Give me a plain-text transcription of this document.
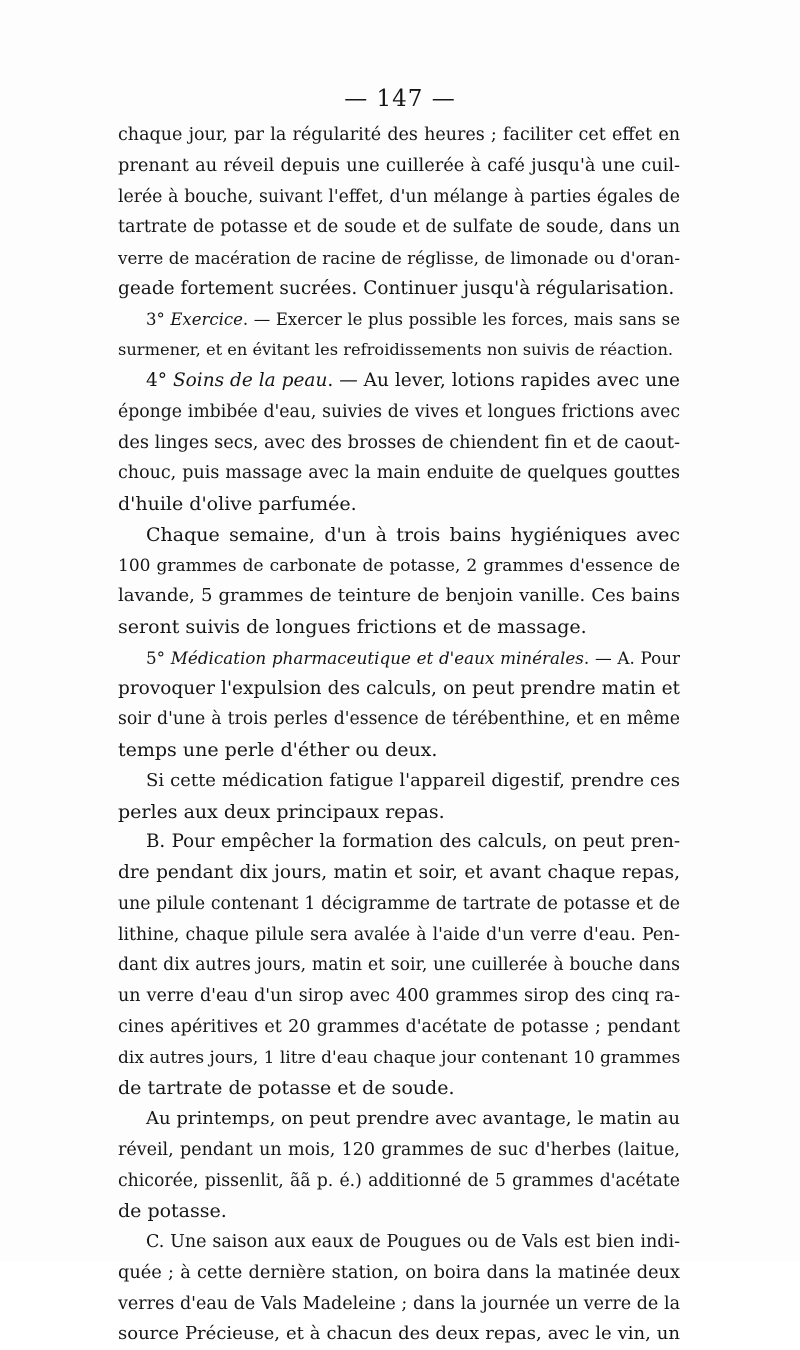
— 147 —
chaque jour, par la régularité des heures ; faciliter cet effet en
prenant au réveil depuis une cuillerée à café jusqu'à une cuil-
lerée à bouche, suivant l'effet, d'un mélange à parties égales de
tartrate de potasse et de soude et de sulfate de soude, dans un
verre de macération de racine de réglisse, de limonade ou d'oran-
geade fortement sucrées. Continuer jusqu'à régularisation.
3° Exercice. — Exercer le plus possible les forces, mais sans se
surmener, et en évitant les refroidissements non suivis de réaction.
4° Soins de la peau. — Au lever, lotions rapides avec une
éponge imbibée d'eau, suivies de vives et longues frictions avec
des linges secs, avec des brosses de chiendent fin et de caout-
chouc, puis massage avec la main enduite de quelques gouttes
d'huile d'olive parfumée.
Chaque semaine, d'un à trois bains hygiéniques avec
100 grammes de carbonate de potasse, 2 grammes d'essence de
lavande, 5 grammes de teinture de benjoin vanille. Ces bains
seront suivis de longues frictions et de massage.
5° Médication pharmaceutique et d'eaux minérales. — A. Pour
provoquer l'expulsion des calculs, on peut prendre matin et
soir d'une à trois perles d'essence de térébenthine, et en même
temps une perle d'éther ou deux.
Si cette médication fatigue l'appareil digestif, prendre ces
perles aux deux principaux repas.
B. Pour empêcher la formation des calculs, on peut pren-
dre pendant dix jours, matin et soir, et avant chaque repas,
une pilule contenant 1 décigramme de tartrate de potasse et de
lithine, chaque pilule sera avalée à l'aide d'un verre d'eau. Pen-
dant dix autres jours, matin et soir, une cuillerée à bouche dans
un verre d'eau d'un sirop avec 400 grammes sirop des cinq ra-
cines apéritives et 20 grammes d'acétate de potasse ; pendant
dix autres jours, 1 litre d'eau chaque jour contenant 10 grammes
de tartrate de potasse et de soude.
Au printemps, on peut prendre avec avantage, le matin au
réveil, pendant un mois, 120 grammes de suc d'herbes (laitue,
chicorée, pissenlit, ãã p. é.) additionné de 5 grammes d'acétate
de potasse.
C. Une saison aux eaux de Pougues ou de Vals est bien indi-
quée ; à cette dernière station, on boira dans la matinée deux
verres d'eau de Vals Madeleine ; dans la journée un verre de la
source Précieuse, et à chacun des deux repas, avec le vin, un
